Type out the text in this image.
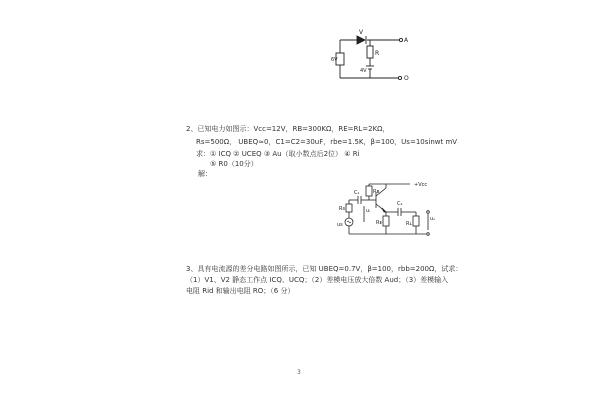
V
A
R
6V
4V
O
2、已知电力如图示：Vcc=12V，RB=300KΩ，RE=RL=2KΩ，
Rs=500Ω， UBEQ≈0，C1=C2=30uF，rbe=1.5K，β=100，Us=10sinwt mV
求：① ICQ ② UCEQ ③ Au（取小数点后2位） ④ Ri
⑤ R0（10分）
解：
Rʙ
+Vcc
C₁
C₂
Rs	uᵢ
us	Rᴇ	Rʟ
uₒ
3、具有电流源的差分电路如图所示，已知 UBEQ=0.7V，β=100，rbb=200Ω，试求：
（1）V1、V2 静态工作点 ICQ、UCQ；（2）差模电压放大倍数 Aud；（3）差模输入
电阻 Rid 和输出电阻 RO；（6 分）
3
